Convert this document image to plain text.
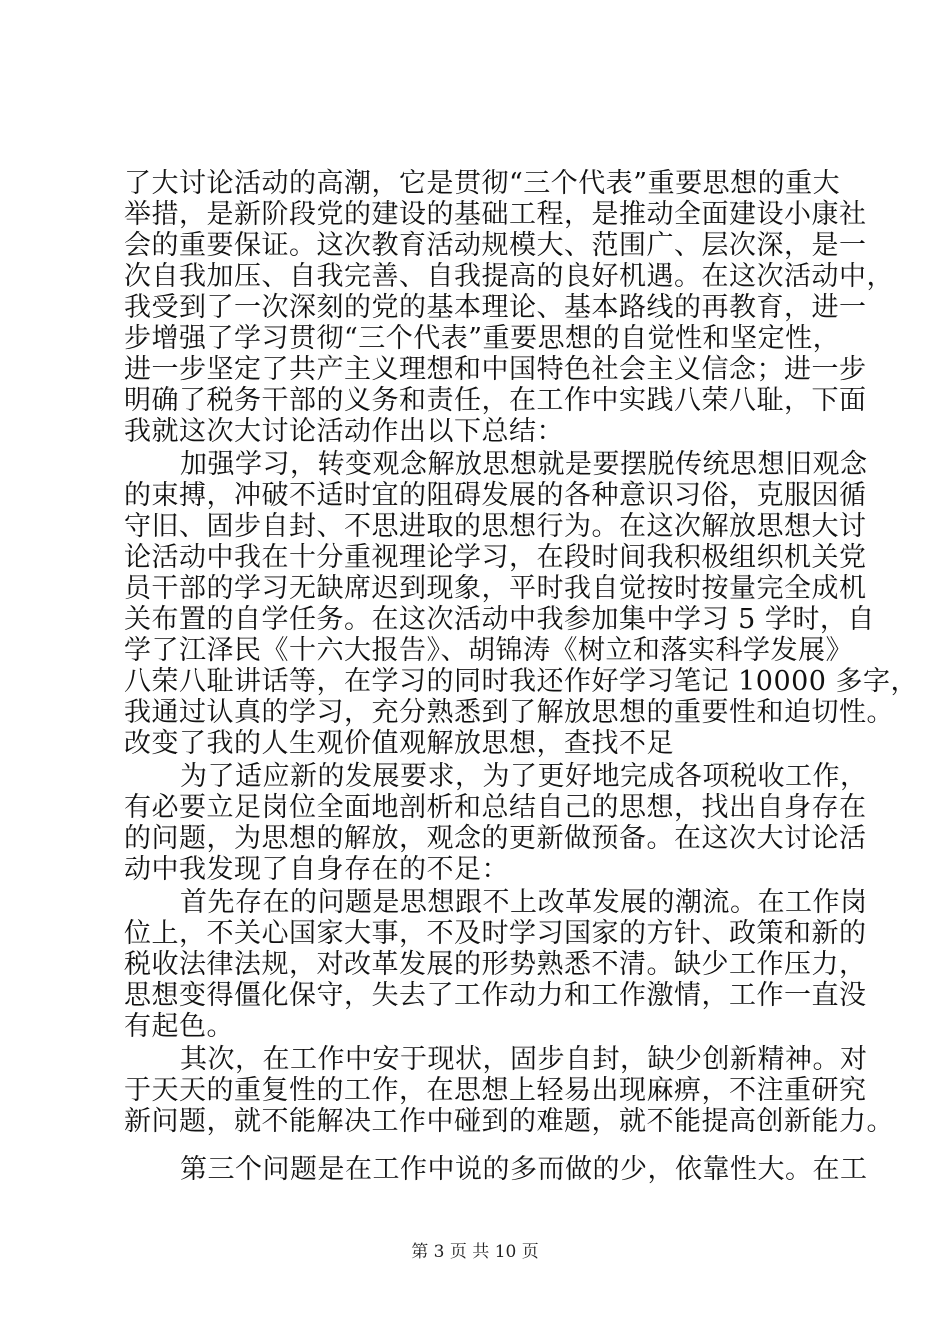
了大讨论活动的高潮，它是贯彻“三个代表”重要思想的重大
举措，是新阶段党的建设的基础工程，是推动全面建设小康社
会的重要保证。这次教育活动规模大、范围广、层次深，是一
次自我加压、自我完善、自我提高的良好机遇。在这次活动中，
我受到了一次深刻的党的基本理论、基本路线的再教育，进一
步增强了学习贯彻“三个代表”重要思想的自觉性和坚定性，
进一步坚定了共产主义理想和中国特色社会主义信念；进一步
明确了税务干部的义务和责任，在工作中实践八荣八耻，下面
我就这次大讨论活动作出以下总结：
加强学习，转变观念解放思想就是要摆脱传统思想旧观念
的束搏，冲破不适时宜的阻碍发展的各种意识习俗，克服因循
守旧、固步自封、不思进取的思想行为。在这次解放思想大讨
论活动中我在十分重视理论学习，在段时间我积极组织机关党
员干部的学习无缺席迟到现象，平时我自觉按时按量完全成机
关布置的自学任务。在这次活动中我参加集中学习 5 学时，自
学了江泽民《十六大报告》、胡锦涛《树立和落实科学发展》
八荣八耻讲话等，在学习的同时我还作好学习笔记 10000 多字，
我通过认真的学习，充分熟悉到了解放思想的重要性和迫切性。
改变了我的人生观价值观解放思想，查找不足
为了适应新的发展要求，为了更好地完成各项税收工作，
有必要立足岗位全面地剖析和总结自己的思想，找出自身存在
的问题，为思想的解放，观念的更新做预备。在这次大讨论活
动中我发现了自身存在的不足：
首先存在的问题是思想跟不上改革发展的潮流。在工作岗
位上，不关心国家大事，不及时学习国家的方针、政策和新的
税收法律法规，对改革发展的形势熟悉不清。缺少工作压力，
思想变得僵化保守，失去了工作动力和工作激情，工作一直没
有起色。
其次，在工作中安于现状，固步自封，缺少创新精神。对
于天天的重复性的工作，在思想上轻易出现麻痹，不注重研究
新问题，就不能解决工作中碰到的难题，就不能提高创新能力。
第三个问题是在工作中说的多而做的少，依靠性大。在工
第 3 页 共 10 页
